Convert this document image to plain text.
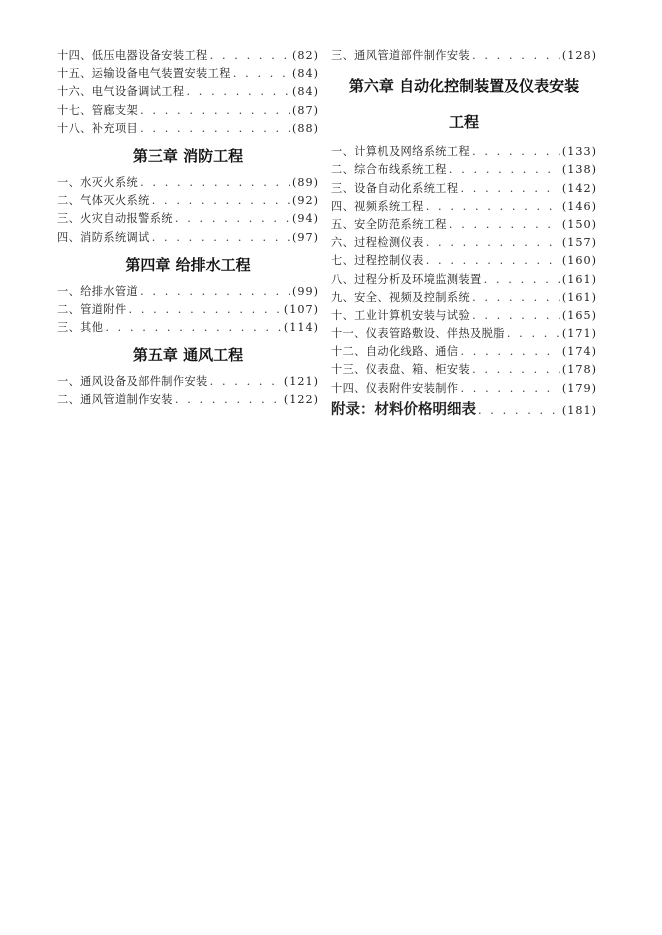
十四、低压电器设备安装工程 . . .	(82)
十五、运输设备电气装置安装工程 . . .	(84)
十六、电气设备调试工程 . . .	(84)
十七、管廊支架 . . .	(87)
十八、补充项目 . . .	(88)
第三章 消防工程
一、水灭火系统 . . .	(89)
二、气体灭火系统 . . .	(92)
三、火灾自动报警系统 . . .	(94)
四、消防系统调试 . . .	(97)
第四章 给排水工程
一、给排水管道 . . .	(99)
二、管道附件 . . .	(107)
三、其他 . . .	(114)
第五章 通风工程
一、通风设备及部件制作安装 . . .	(121)
二、通风管道制作安装 . . .	(122)
三、通风管道部件制作安装 . . .	(128)
第六章 自动化控制装置及仪表安装
工程
一、计算机及网络系统工程 . . .	(133)
二、综合布线系统工程 . . .	(138)
三、设备自动化系统工程 . . .	(142)
四、视频系统工程 . . .	(146)
五、安全防范系统工程 . . .	(150)
六、过程检测仪表 . . .	(157)
七、过程控制仪表 . . .	(160)
八、过程分析及环境监测装置 . . .	(161)
九、安全、视频及控制系统 . . .	(161)
十、工业计算机安装与试验 . . .	(165)
十一、仪表管路敷设、伴热及脱脂 . . .	(171)
十二、自动化线路、通信 . . .	(174)
十三、仪表盘、箱、柜安装 . . .	(178)
十四、仪表附件安装制作 . . .	(179)
附录：材料价格明细表 . . .	(181)
